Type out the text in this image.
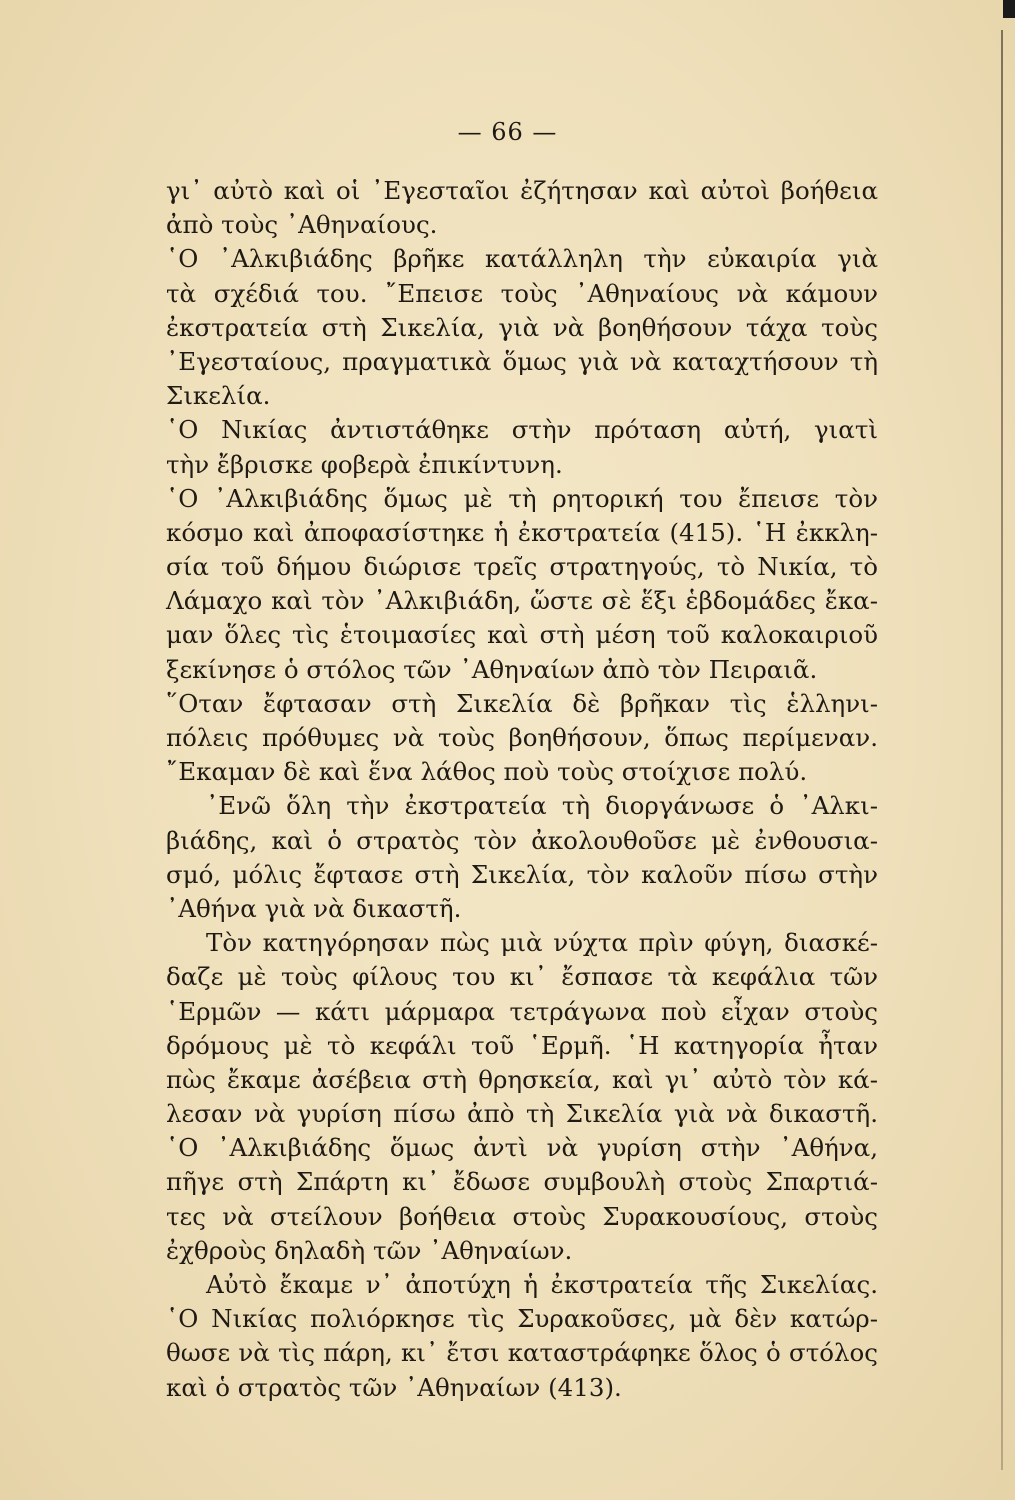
— 66 —
γι᾽ αὐτὸ καὶ οἱ ᾽Εγεσταῖοι ἐζήτησαν καὶ αὐτοὶ βοήθεια
ἀπὸ τοὺς ᾽Αθηναίους.
῾Ο ᾽Αλκιβιάδης βρῆκε κατάλληλη τὴν εὐκαιρία γιὰ
τὰ σχέδιά του. ῎Επεισε τοὺς ᾽Αθηναίους νὰ κάμουν
ἐκστρατεία στὴ Σικελία, γιὰ νὰ βοηθήσουν τάχα τοὺς
᾽Εγεσταίους, πραγματικὰ ὅμως γιὰ νὰ καταχτήσουν τὴ
Σικελία.
῾Ο Νικίας ἀντιστάθηκε στὴν πρόταση αὐτή, γιατὶ
τὴν ἔβρισκε φοβερὰ ἐπικίντυνη.
῾Ο ᾽Αλκιβιάδης ὅμως μὲ τὴ ρητορική του ἔπεισε τὸν
κόσμο καὶ ἀποφασίστηκε ἡ ἐκστρατεία (415). ῾Η ἐκκλη-
σία τοῦ δήμου διώρισε τρεῖς στρατηγούς, τὸ Νικία, τὸ
Λάμαχο καὶ τὸν ᾽Αλκιβιάδη, ὥστε σὲ ἕξι ἑβδομάδες ἔκα-
μαν ὅλες τὶς ἑτοιμασίες καὶ στὴ μέση τοῦ καλοκαιριοῦ
ξεκίνησε ὁ στόλος τῶν ᾽Αθηναίων ἀπὸ τὸν Πειραιᾶ.
῞Οταν ἔφτασαν στὴ Σικελία δὲ βρῆκαν τὶς ἑλληνι-
πόλεις πρόθυμες νὰ τοὺς βοηθήσουν, ὅπως περίμεναν.
῎Εκαμαν δὲ καὶ ἕνα λάθος ποὺ τοὺς στοίχισε πολύ.
᾽Ενῶ ὅλη τὴν ἐκστρατεία τὴ διοργάνωσε ὁ ᾽Αλκι-
βιάδης, καὶ ὁ στρατὸς τὸν ἀκολουθοῦσε μὲ ἐνθουσια-
σμό, μόλις ἔφτασε στὴ Σικελία, τὸν καλοῦν πίσω στὴν
᾽Αθήνα γιὰ νὰ δικαστῆ.
Τὸν κατηγόρησαν πὼς μιὰ νύχτα πρὶν φύγη, διασκέ-
δαζε μὲ τοὺς φίλους του κι᾽ ἔσπασε τὰ κεφάλια τῶν
῾Ερμῶν — κάτι μάρμαρα τετράγωνα ποὺ εἶχαν στοὺς
δρόμους μὲ τὸ κεφάλι τοῦ ῾Ερμῆ. ῾Η κατηγορία ἦταν
πὼς ἔκαμε ἀσέβεια στὴ θρησκεία, καὶ γι᾽ αὐτὸ τὸν κά-
λεσαν νὰ γυρίση πίσω ἀπὸ τὴ Σικελία γιὰ νὰ δικαστῆ.
῾Ο ᾽Αλκιβιάδης ὅμως ἀντὶ νὰ γυρίση στὴν ᾽Αθήνα,
πῆγε στὴ Σπάρτη κι᾽ ἔδωσε συμβουλὴ στοὺς Σπαρτιά-
τες νὰ στείλουν βοήθεια στοὺς Συρακουσίους, στοὺς
ἐχθροὺς δηλαδὴ τῶν ᾽Αθηναίων.
Αὐτὸ ἔκαμε ν᾽ ἀποτύχη ἡ ἐκστρατεία τῆς Σικελίας.
῾Ο Νικίας πολιόρκησε τὶς Συρακοῦσες, μὰ δὲν κατώρ-
θωσε νὰ τὶς πάρη, κι᾽ ἔτσι καταστράφηκε ὅλος ὁ στόλος
καὶ ὁ στρατὸς τῶν ᾽Αθηναίων (413).
